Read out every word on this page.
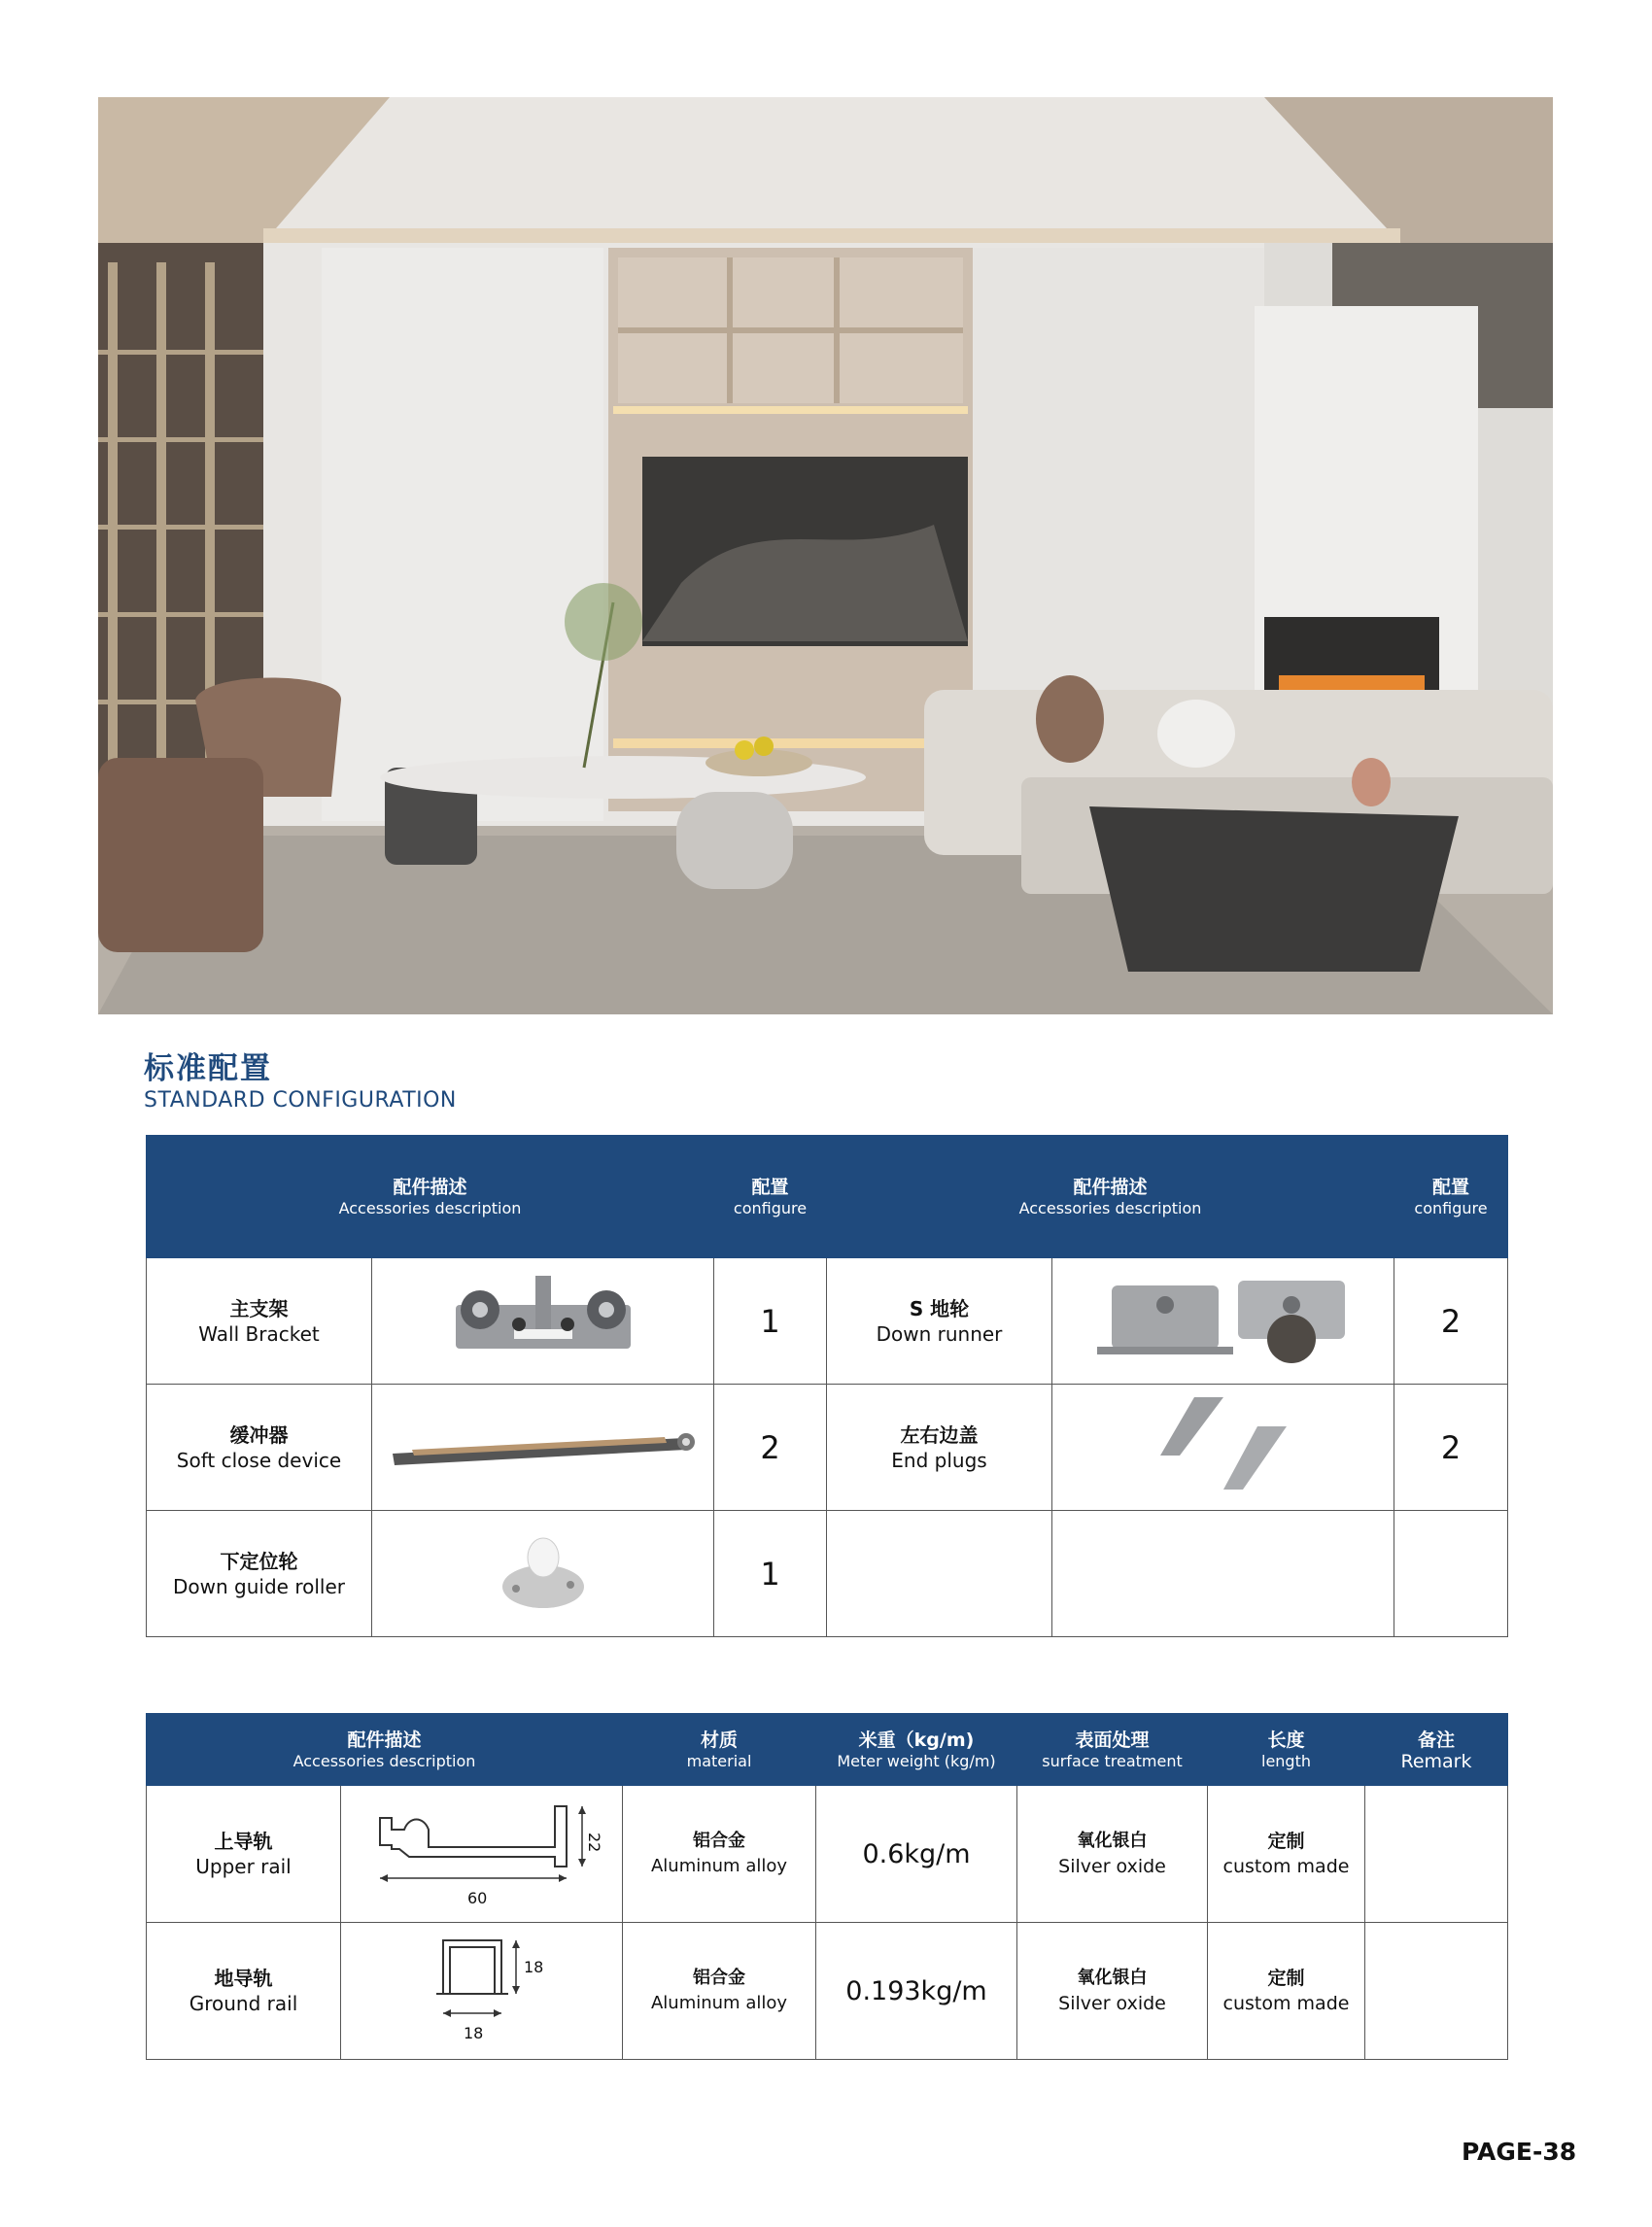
标准配置
STANDARD CONFIGURATION
配件描述
Accessories description		配置
configure	配件描述
Accessories description		配置
configure

主支架
Wall Bracket		1	S 地轮
Down runner		2

缓冲器
Soft close device		2	左右边盖
End plugs		2

下定位轮
Down guide roller		1	

配件描述
Accessories description		材质
material	米重（kg/m)
Meter weight (kg/m)	表面处理
surface treatment	长度
length	备注
Remark

上导轨
Upper rail	60
22	铝合金
Aluminum alloy	0.6kg/m	氧化银白
Silver oxide	定制
custom made	

地导轨
Ground rail	18
18	铝合金
Aluminum alloy	0.193kg/m	氧化银白
Silver oxide	定制
custom made	

PAGE-38
